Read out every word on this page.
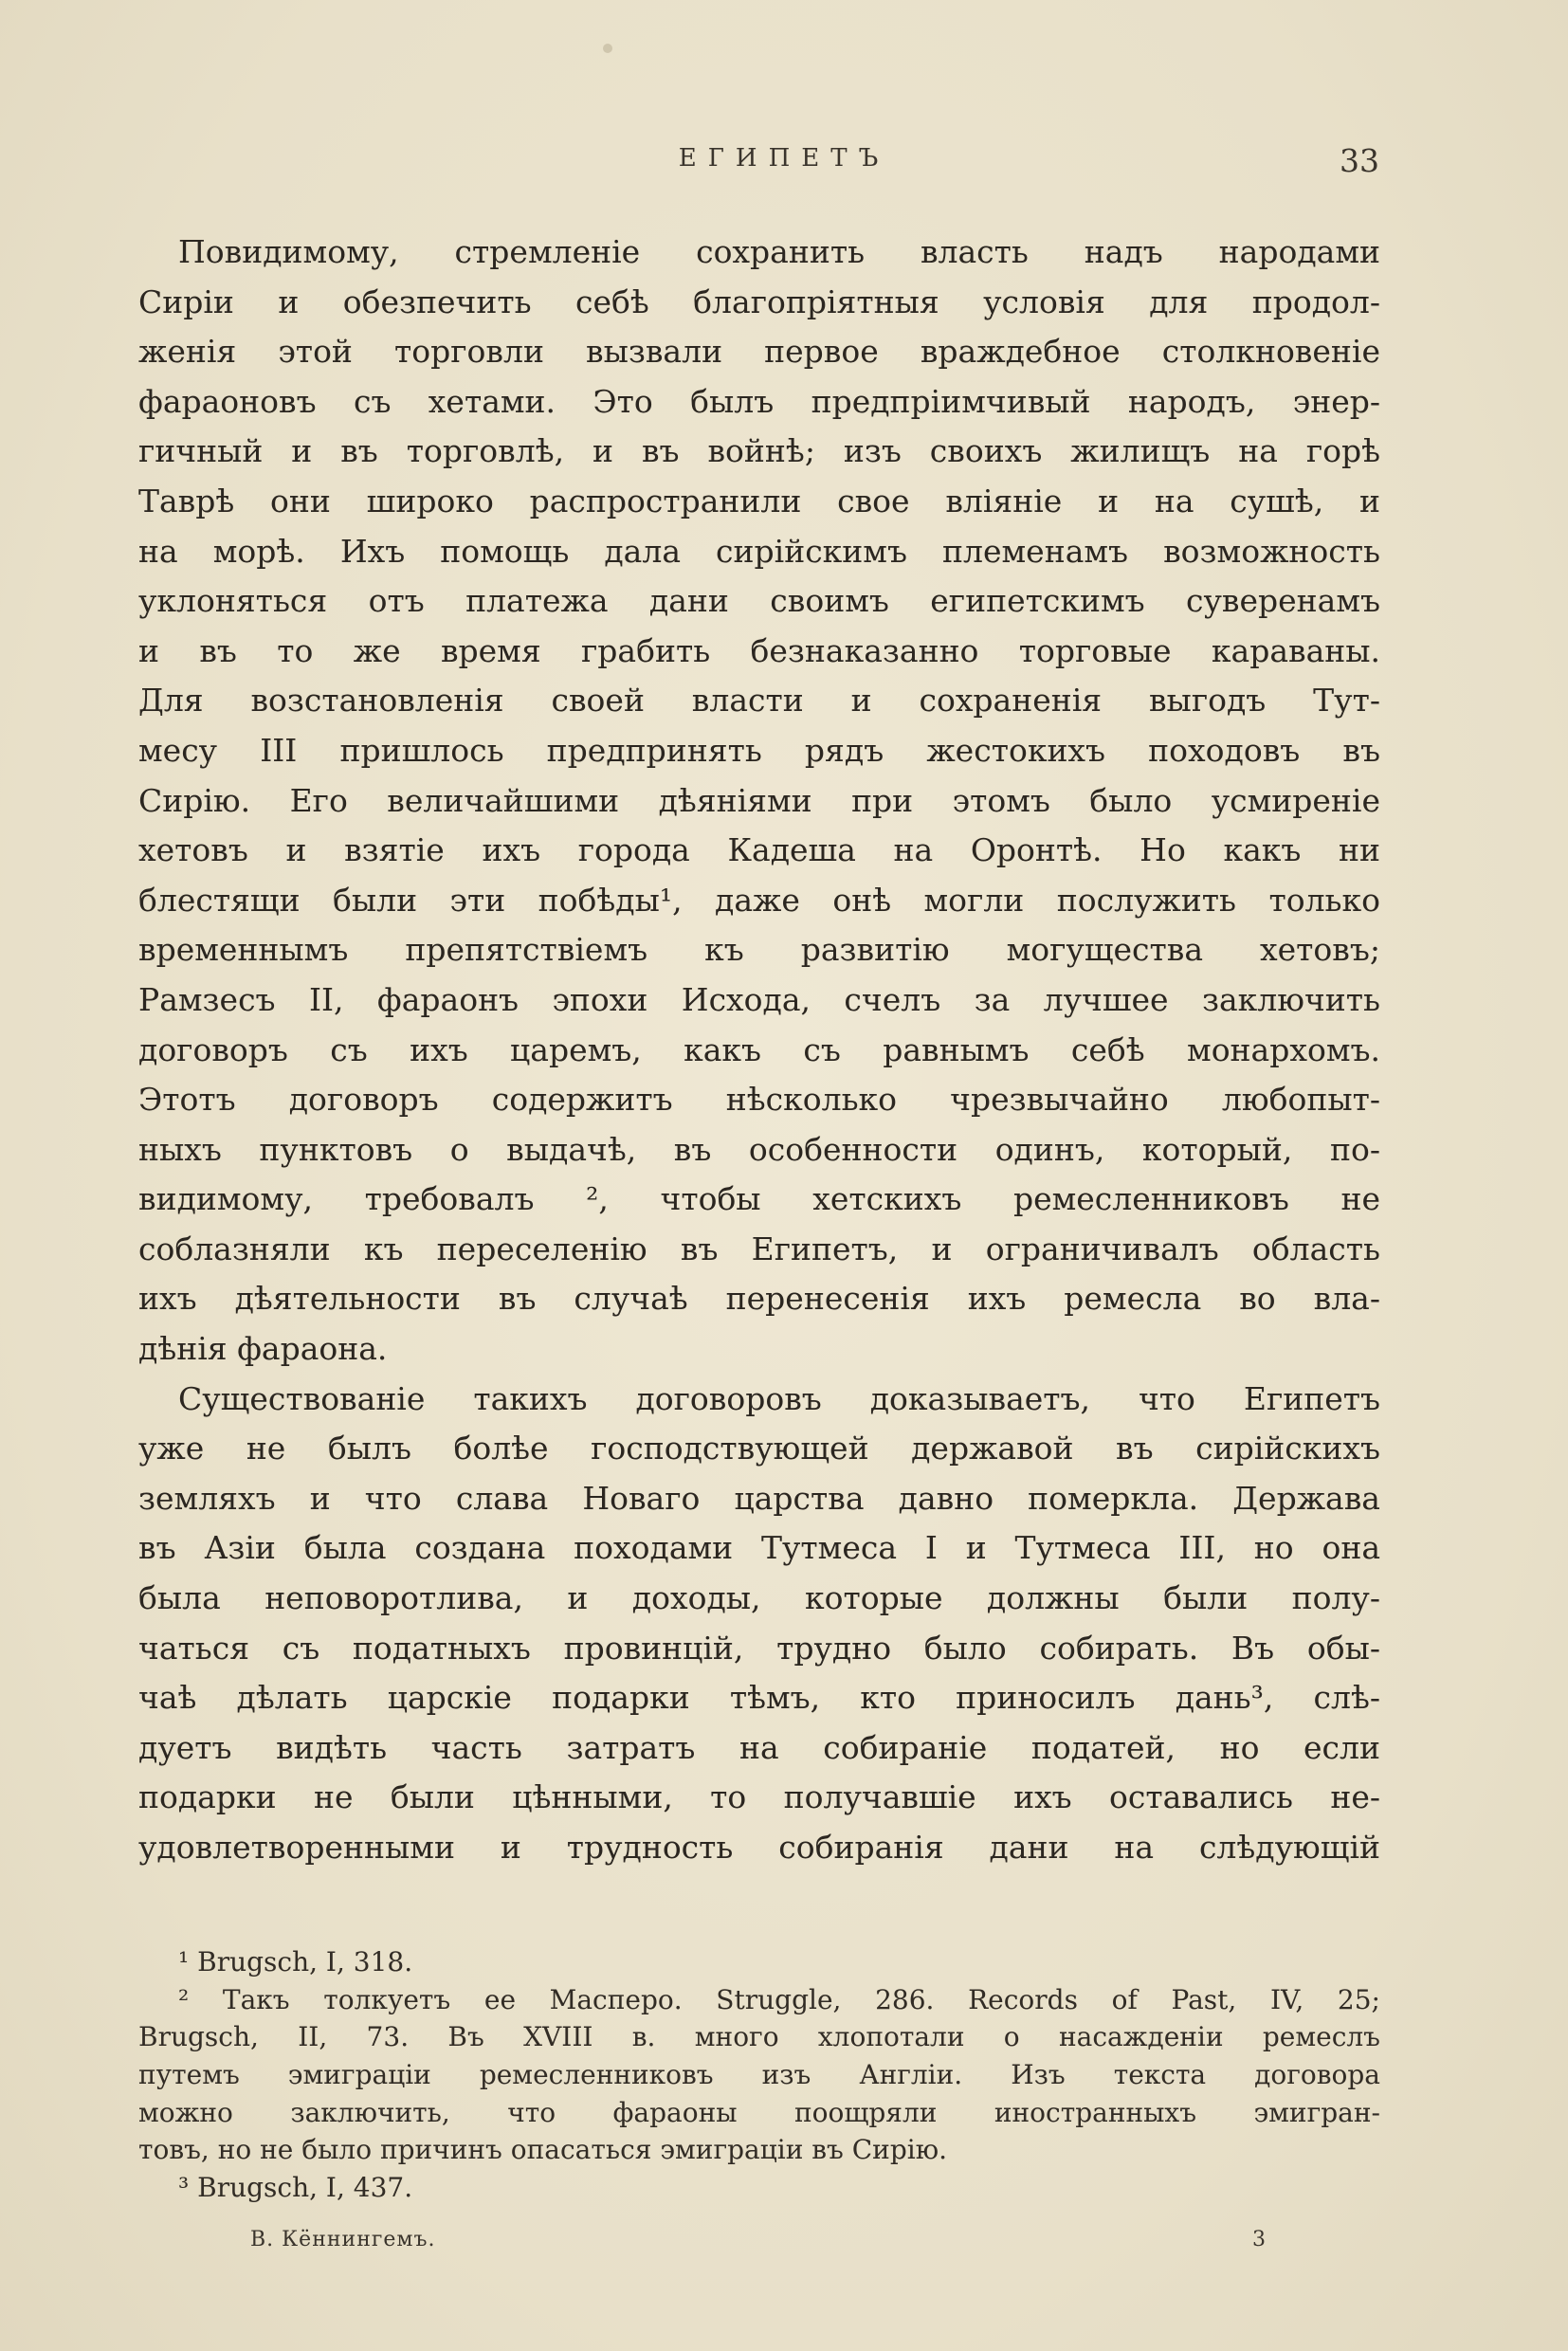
ЕГИПЕТЪ	33
Повидимому, стремленіе сохранить власть надъ народами
Сиріи и обезпечить себѣ благопріятныя условія для продол-
женія этой торговли вызвали первое враждебное столкновеніе
фараоновъ съ хетами. Это былъ предпріимчивый народъ, энер-
гичный и въ торговлѣ, и въ войнѣ; изъ своихъ жилищъ на горѣ
Таврѣ они широко распространили свое вліяніе и на сушѣ, и
на морѣ. Ихъ помощь дала сирійскимъ племенамъ возможность
уклоняться отъ платежа дани своимъ египетскимъ суверенамъ
и въ то же время грабить безнаказанно торговые караваны.
Для возстановленія своей власти и сохраненія выгодъ Тут-
месу III пришлось предпринять рядъ жестокихъ походовъ въ
Сирію. Его величайшими дѣяніями при этомъ было усмиреніе
хетовъ и взятіе ихъ города Кадеша на Оронтѣ. Но какъ ни
блестящи были эти побѣды¹, даже онѣ могли послужить только
временнымъ препятствіемъ къ развитію могущества хетовъ;
Рамзесъ II, фараонъ эпохи Исхода, счелъ за лучшее заключить
договоръ съ ихъ царемъ, какъ съ равнымъ себѣ монархомъ.
Этотъ договоръ содержитъ нѣсколько чрезвычайно любопыт-
ныхъ пунктовъ о выдачѣ, въ особенности одинъ, который, по-
видимому, требовалъ ², чтобы хетскихъ ремесленниковъ не
соблазняли къ переселенію въ Египетъ, и ограничивалъ область
ихъ дѣятельности въ случаѣ перенесенія ихъ ремесла во вла-
дѣнія фараона.
Существованіе такихъ договоровъ доказываетъ, что Египетъ
уже не былъ болѣе господствующей державой въ сирійскихъ
земляхъ и что слава Новаго царства давно померкла. Держава
въ Азіи была создана походами Тутмеса I и Тутмеса III, но она
была неповоротлива, и доходы, которые должны были полу-
чаться съ податныхъ провинцій, трудно было собирать. Въ обы-
чаѣ дѣлать царскіе подарки тѣмъ, кто приносилъ дань³, слѣ-
дуетъ видѣть часть затратъ на собираніе податей, но если
подарки не были цѣнными, то получавшіе ихъ оставались не-
удовлетворенными и трудность собиранія дани на слѣдующій
¹ Brugsch, I, 318.
² Такъ толкуетъ ее Масперо. Struggle, 286. Records of Past, IV, 25;
Brugsch, II, 73. Въ XVIII в. много хлопотали о насажденіи ремеслъ
путемъ эмиграціи ремесленниковъ изъ Англіи. Изъ текста договора
можно заключить, что фараоны поощряли иностранныхъ эмигран-
товъ, но не было причинъ опасаться эмиграціи въ Сирію.
³ Brugsch, I, 437.
В. Кённингемъ.	3
